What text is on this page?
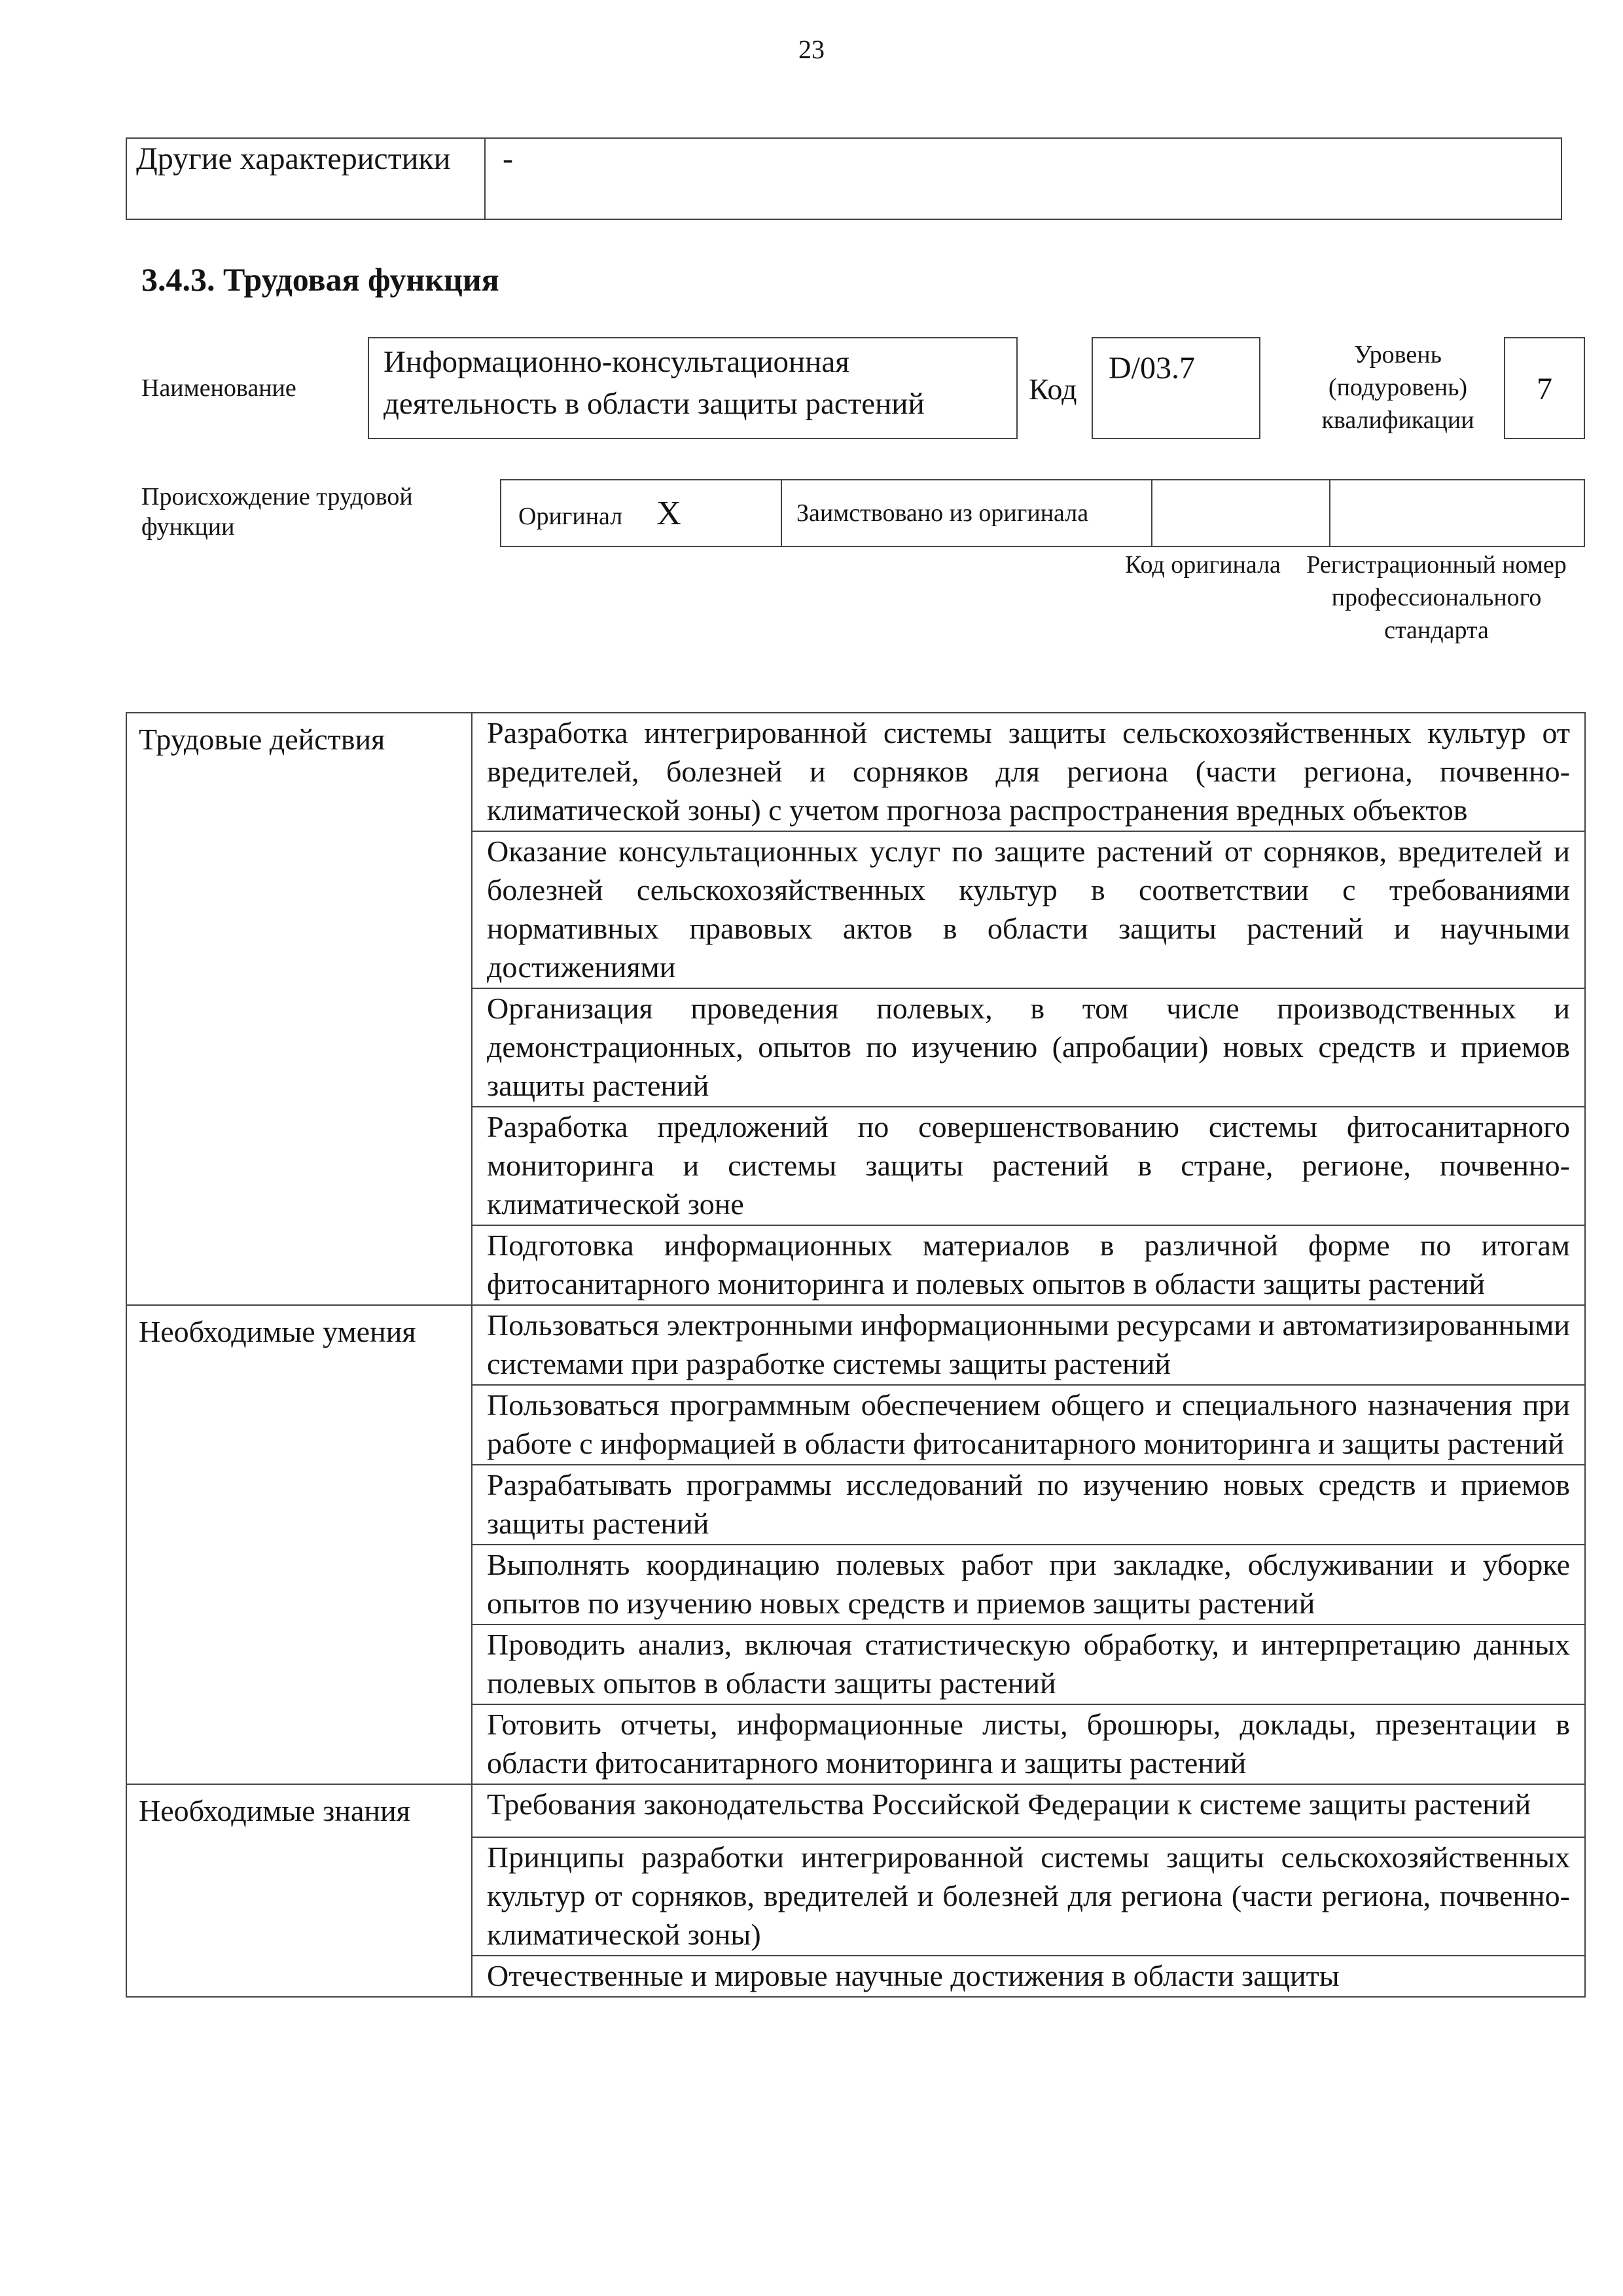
23
Другие характеристики	-
3.4.3. Трудовая функция
Наименование
Информационно-консультационная деятельность в области защиты растений	Код
D/03.7	Уровень (подуровень) квалификации
7
Происхождение трудовой функции	Оригинал X	Заимствовано из оригинала		
Код оригинала	Регистрационный номер профессионального стандарта
Трудовые действия	Разработка интегрированной системы защиты сельскохозяйственных культур от вредителей, болезней и сорняков для региона (части региона, почвенно-климатической зоны) с учетом прогноза распространения вредных объектов
	Оказание консультационных услуг по защите растений от сорняков, вредителей и болезней сельскохозяйственных культур в соответствии с требованиями нормативных правовых актов в области защиты растений и научными достижениями
	Организация проведения полевых, в том числе производственных и демонстрационных, опытов по изучению (апробации) новых средств и приемов защиты растений
	Разработка предложений по совершенствованию системы фитосанитарного мониторинга и системы защиты растений в стране, регионе, почвенно-климатической зоне
	Подготовка информационных материалов в различной форме по итогам фитосанитарного мониторинга и полевых опытов в области защиты растений
Необходимые умения	Пользоваться электронными информационными ресурсами и автоматизированными системами при разработке системы защиты растений
	Пользоваться программным обеспечением общего и специального назначения при работе с информацией в области фитосанитарного мониторинга и защиты растений
	Разрабатывать программы исследований по изучению новых средств и приемов защиты растений
	Выполнять координацию полевых работ при закладке, обслуживании и уборке опытов по изучению новых средств и приемов защиты растений
	Проводить анализ, включая статистическую обработку, и интерпретацию данных полевых опытов в области защиты растений
	Готовить отчеты, информационные листы, брошюры, доклады, презентации в области фитосанитарного мониторинга и защиты растений
Необходимые знания	Требования законодательства Российской Федерации к системе защиты растений
	Принципы разработки интегрированной системы защиты сельскохозяйственных культур от сорняков, вредителей и болезней для региона (части региона, почвенно-климатической зоны)
	Отечественные и мировые научные достижения в области защиты
